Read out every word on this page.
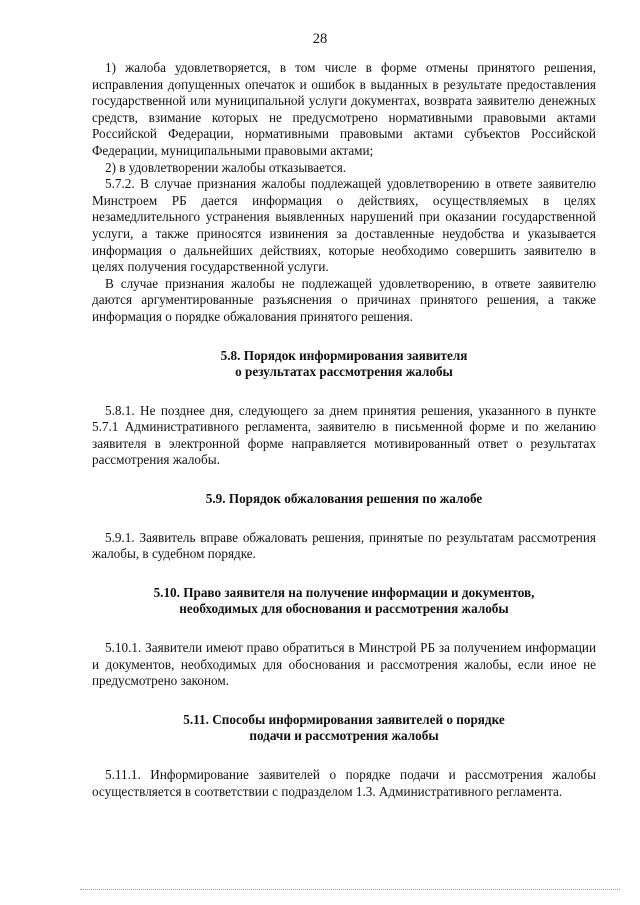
28

1) жалоба удовлетворяется, в том числе в форме отмены принятого решения, исправления допущенных опечаток и ошибок в выданных в результате предоставления государственной или муниципальной услуги документах, возврата заявителю денежных средств, взимание которых не предусмотрено нормативными правовыми актами Российской Федерации, нормативными правовыми актами субъектов Российской Федерации, муниципальными правовыми актами;

2) в удовлетворении жалобы отказывается.

5.7.2. В случае признания жалобы подлежащей удовлетворению в ответе заявителю Минстроем РБ дается информация о действиях, осуществляемых в целях незамедлительного устранения выявленных нарушений при оказании государственной услуги, а также приносятся извинения за доставленные неудобства и указывается информация о дальнейших действиях, которые необходимо совершить заявителю в целях получения государственной услуги.

В случае признания жалобы не подлежащей удовлетворению, в ответе заявителю даются аргументированные разъяснения о причинах принятого решения, а также информация о порядке обжалования принятого решения.

5.8. Порядок информирования заявителя
о результатах рассмотрения жалобы

5.8.1. Не позднее дня, следующего за днем принятия решения, указанного в пункте 5.7.1 Административного регламента, заявителю в письменной форме и по желанию заявителя в электронной форме направляется мотивированный ответ о результатах рассмотрения жалобы.

5.9. Порядок обжалования решения по жалобе

5.9.1. Заявитель вправе обжаловать решения, принятые по результатам рассмотрения жалобы, в судебном порядке.

5.10. Право заявителя на получение информации и документов,
необходимых для обоснования и рассмотрения жалобы

5.10.1. Заявители имеют право обратиться в Минстрой РБ за получением информации и документов, необходимых для обоснования и рассмотрения жалобы, если иное не предусмотрено законом.

5.11. Способы информирования заявителей о порядке
подачи и рассмотрения жалобы

5.11.1. Информирование заявителей о порядке подачи и рассмотрения жалобы осуществляется в соответствии с подразделом 1.3. Административного регламента.
